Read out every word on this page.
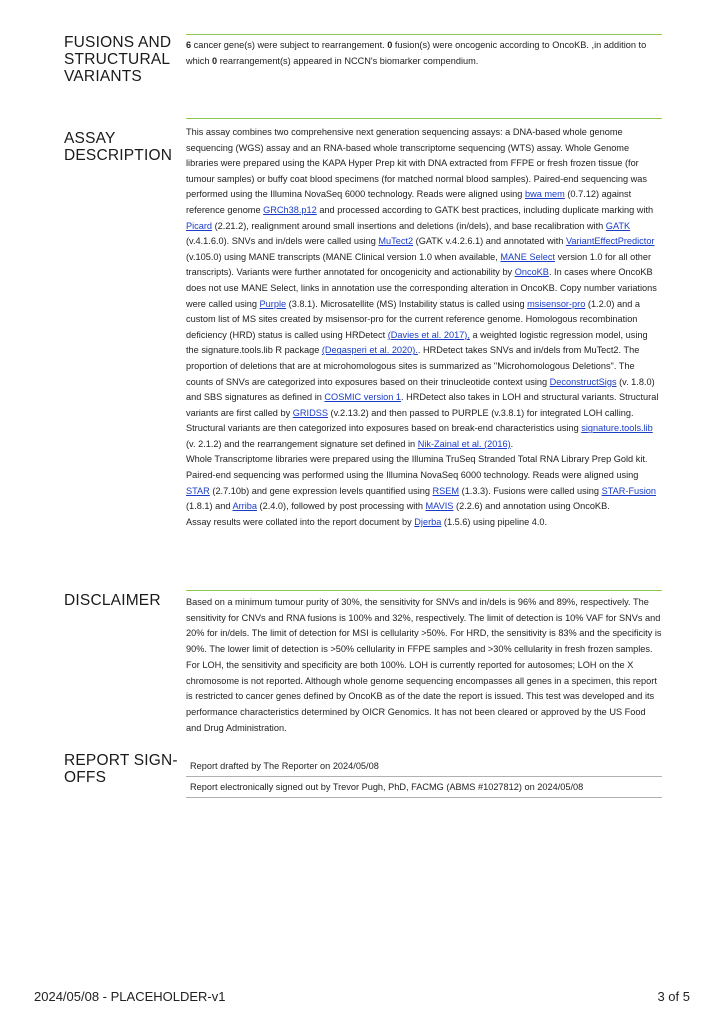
FUSIONS AND STRUCTURAL VARIANTS

6 cancer gene(s) were subject to rearrangement. 0 fusion(s) were oncogenic according to OncoKB. ,in addition to which 0 rearrangement(s) appeared in NCCN's biomarker compendium.

ASSAY DESCRIPTION

This assay combines two comprehensive next generation sequencing assays: a DNA-based whole genome sequencing (WGS) assay and an RNA-based whole transcriptome sequencing (WTS) assay. Whole Genome libraries were prepared using the KAPA Hyper Prep kit with DNA extracted from FFPE or fresh frozen tissue (for tumour samples) or buffy coat blood specimens (for matched normal blood samples). Paired-end sequencing was performed using the Illumina NovaSeq 6000 technology. Reads were aligned using bwa mem (0.7.12) against reference genome GRCh38.p12 and processed according to GATK best practices, including duplicate marking with Picard (2.21.2), realignment around small insertions and deletions (in/dels), and base recalibration with GATK (v.4.1.6.0). SNVs and in/dels were called using MuTect2 (GATK v.4.2.6.1) and annotated with VariantEffectPredictor (v.105.0) using MANE transcripts (MANE Clinical version 1.0 when available, MANE Select version 1.0 for all other transcripts). Variants were further annotated for oncogenicity and actionability by OncoKB. In cases where OncoKB does not use MANE Select, links in annotation use the corresponding alteration in OncoKB. Copy number variations were called using Purple (3.8.1). Microsatellite (MS) Instability status is called using msisensor-pro (1.2.0) and a custom list of MS sites created by msisensor-pro for the current reference genome. Homologous recombination deficiency (HRD) status is called using HRDetect (Davies et al. 2017), a weighted logistic regression model, using the signature.tools.lib R package (Degasperi et al. 2020).. HRDetect takes SNVs and in/dels from MuTect2. The proportion of deletions that are at microhomologous sites is summarized as "Microhomologous Deletions". The counts of SNVs are categorized into exposures based on their trinucleotide context using DeconstructSigs (v. 1.8.0) and SBS signatures as defined in COSMIC version 1. HRDetect also takes in LOH and structural variants. Structural variants are first called by GRIDSS (v.2.13.2) and then passed to PURPLE (v.3.8.1) for integrated LOH calling. Structural variants are then categorized into exposures based on break-end characteristics using signature.tools.lib (v. 2.1.2) and the rearrangement signature set defined in Nik-Zainal et al. (2016).

Whole Transcriptome libraries were prepared using the Illumina TruSeq Stranded Total RNA Library Prep Gold kit. Paired-end sequencing was performed using the Illumina NovaSeq 6000 technology. Reads were aligned using STAR (2.7.10b) and gene expression levels quantified using RSEM (1.3.3). Fusions were called using STAR-Fusion (1.8.1) and Arriba (2.4.0), followed by post processing with MAVIS (2.2.6) and annotation using OncoKB.

Assay results were collated into the report document by Djerba (1.5.6) using pipeline 4.0.

DISCLAIMER	Based on a minimum tumour purity of 30%, the sensitivity for SNVs and in/dels is 96% and 89%, respectively. The sensitivity for CNVs and RNA fusions is 100% and 32%, respectively. The limit of detection is 10% VAF for SNVs and 20% for in/dels. The limit of detection for MSI is cellularity >50%. For HRD, the sensitivity is 83% and the specificity is 90%. The lower limit of detection is >50% cellularity in FFPE samples and >30% cellularity in fresh frozen samples. For LOH, the sensitivity and specificity are both 100%. LOH is currently reported for autosomes; LOH on the X chromosome is not reported. Although whole genome sequencing encompasses all genes in a specimen, this report is restricted to cancer genes defined by OncoKB as of the date the report is issued. This test was developed and its performance characteristics determined by OICR Genomics. It has not been cleared or approved by the US Food and Drug Administration.

REPORT SIGN-OFFS
Report drafted by The Reporter on 2024/05/08
Report electronically signed out by Trevor Pugh, PhD, FACMG (ABMS #1027812) on 2024/05/08
2024/05/08 - PLACEHOLDER-v1	3 of 5
